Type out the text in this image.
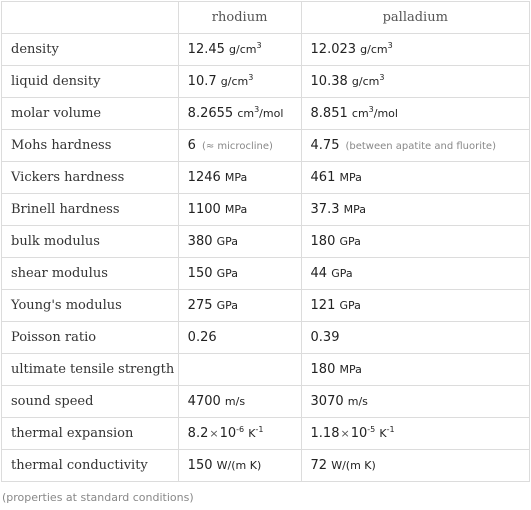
	rhodium	palladium
density	12.45 $g/cm^3$	12.023 $g/cm^3$
liquid density	10.7 $g/cm^3$	10.38 $g/cm^3$
molar volume	8.2655 $cm^3$/mol	8.851 $cm^3$/mol
Mohs hardness	6 (≈ microcline)	4.75 (between apatite and fluorite)
Vickers hardness	1246 MPa	461 MPa
Brinell hardness	1100 MPa	37.3 MPa
bulk modulus	380 GPa	180 GPa
shear modulus	150 GPa	44 GPa
Young's modulus	275 GPa	121 GPa
Poisson ratio	0.26	0.39
ultimate tensile strength		180 MPa
sound speed	4700 m/s	3070 m/s
thermal expansion	$8.2\times 10^{-6}$ $K^{-1}$	$1.18\times 10^{-5}$ $K^{-1}$
thermal conductivity	150 W/(m K)	72 W/(m K)
(properties at standard conditions)
